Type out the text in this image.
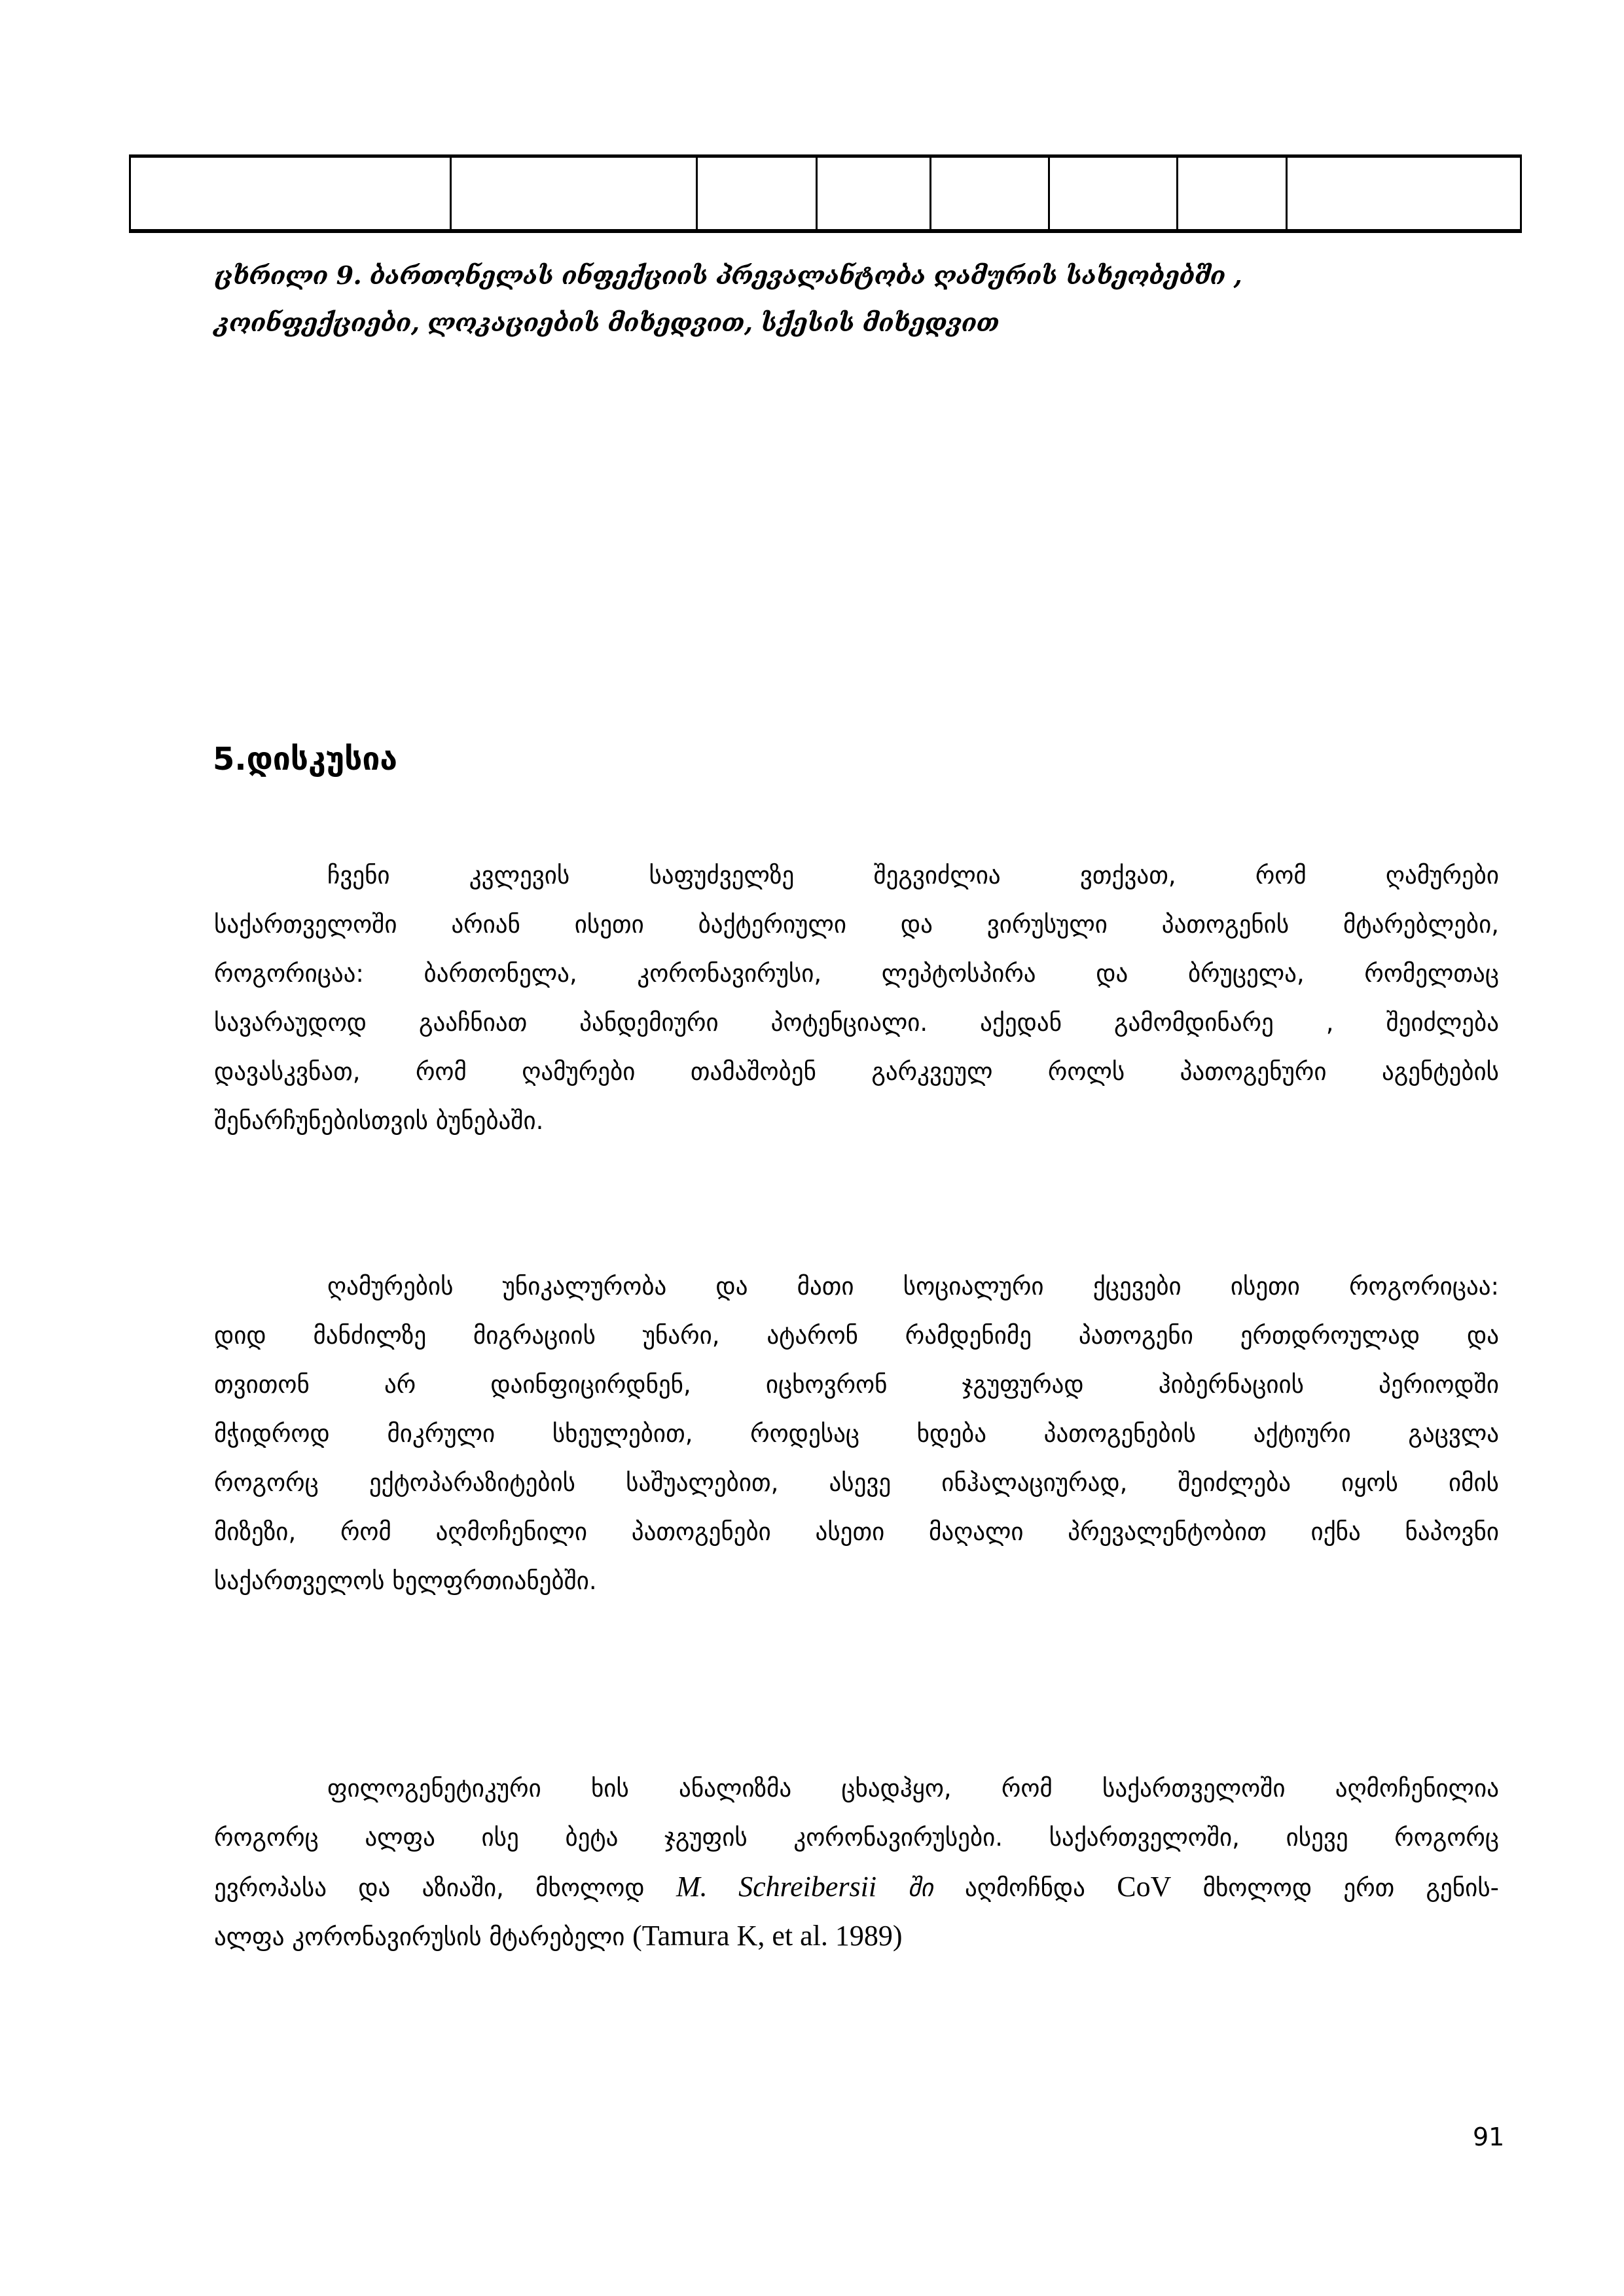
ცხრილი 9. ბართონელას ინფექციის პრევალანტობა ღამურის სახეობებში ,
კოინფექციები, ლოკაციების მიხედვით, სქესის მიხედვით
5.დისკუსია
ჩვენი კვლევის საფუძველზე შეგვიძლია ვთქვათ, რომ ღამურები
საქართველოში არიან ისეთი ბაქტერიული და ვირუსული პათოგენის მტარებლები,
როგორიცაა: ბართონელა, კორონავირუსი, ლეპტოსპირა და ბრუცელა, რომელთაც
სავარაუდოდ გააჩნიათ პანდემიური პოტენციალი. აქედან გამომდინარე , შეიძლება
დავასკვნათ, რომ ღამურები თამაშობენ გარკვეულ როლს პათოგენური აგენტების
შენარჩუნებისთვის ბუნებაში.
ღამურების უნიკალურობა და მათი სოციალური ქცევები ისეთი როგორიცაა:
დიდ მანძილზე მიგრაციის უნარი, ატარონ რამდენიმე პათოგენი ერთდროულად და
თვითონ არ დაინფიცირდნენ, იცხოვრონ ჯგუფურად ჰიბერნაციის პერიოდში
მჭიდროდ მიკრული სხეულებით, როდესაც ხდება პათოგენების აქტიური გაცვლა
როგორც ექტოპარაზიტების საშუალებით, ასევე ინჰალაციურად, შეიძლება იყოს იმის
მიზეზი, რომ აღმოჩენილი პათოგენები ასეთი მაღალი პრევალენტობით იქნა ნაპოვნი
საქართველოს ხელფრთიანებში.
ფილოგენეტიკური ხის ანალიზმა ცხადჰყო, რომ საქართველოში აღმოჩენილია
როგორც ალფა ისე ბეტა ჯგუფის კორონავირუსები. საქართველოში, ისევე როგორც
ევროპასა და აზიაში, მხოლოდ M. Schreibersii ში აღმოჩნდა CoV მხოლოდ ერთ გენის-
ალფა კორონავირუსის მტარებელი (Tamura K, et al. 1989)
91
